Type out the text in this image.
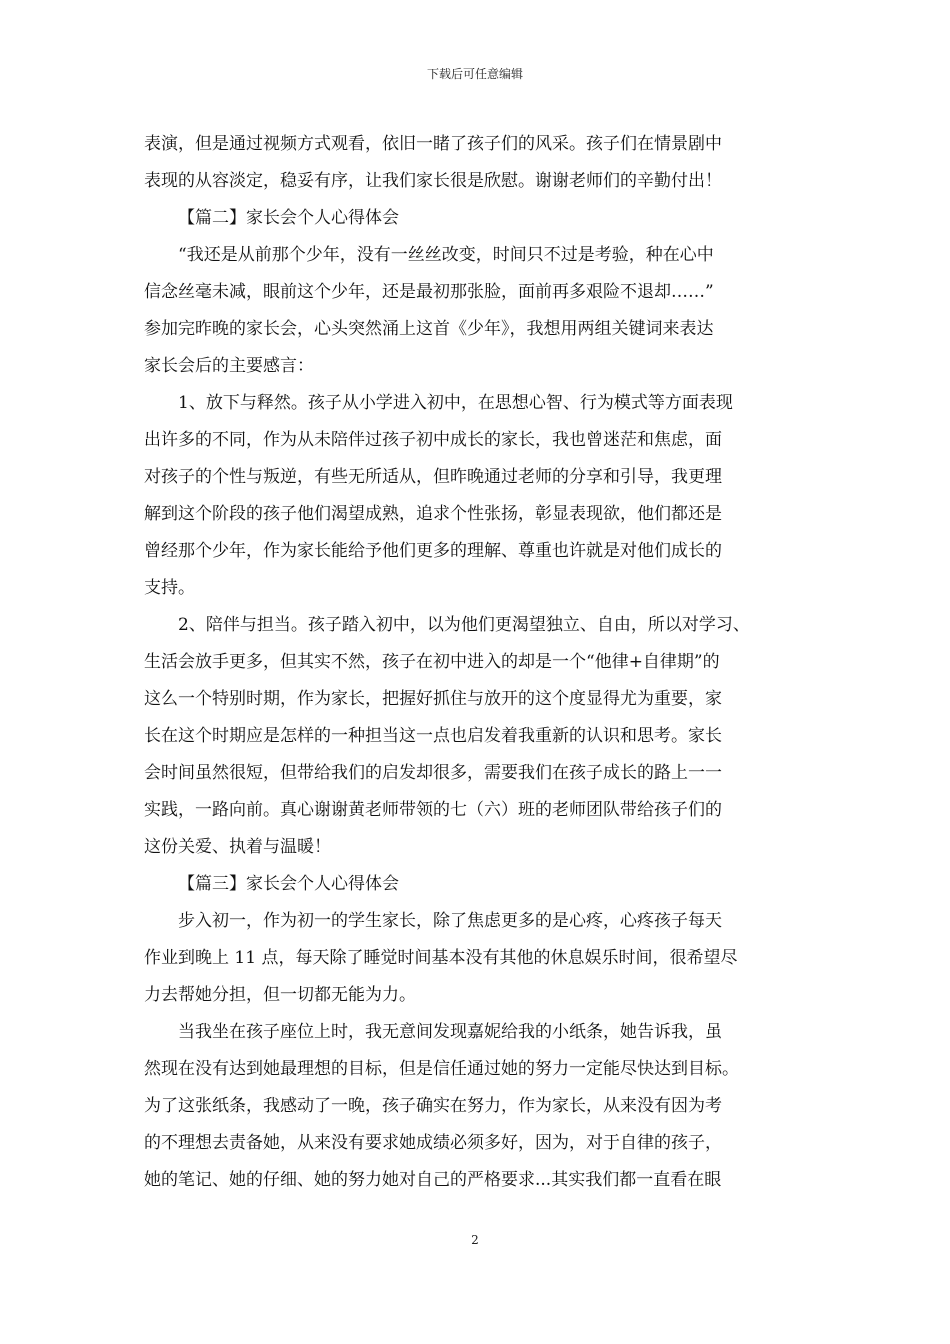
下载后可任意编辑
表演，但是通过视频方式观看，依旧一睹了孩子们的风采。孩子们在情景剧中
表现的从容淡定，稳妥有序，让我们家长很是欣慰。谢谢老师们的辛勤付出！
【篇二】家长会个人心得体会
“我还是从前那个少年，没有一丝丝改变，时间只不过是考验，种在心中
信念丝毫未减，眼前这个少年，还是最初那张脸，面前再多艰险不退却……”
参加完昨晚的家长会，心头突然涌上这首《少年》，我想用两组关键词来表达
家长会后的主要感言：
1、放下与释然。孩子从小学进入初中，在思想心智、行为模式等方面表现
出许多的不同，作为从未陪伴过孩子初中成长的家长，我也曾迷茫和焦虑，面
对孩子的个性与叛逆，有些无所适从，但昨晚通过老师的分享和引导，我更理
解到这个阶段的孩子他们渴望成熟，追求个性张扬，彰显表现欲，他们都还是
曾经那个少年，作为家长能给予他们更多的理解、尊重也许就是对他们成长的
支持。
2、陪伴与担当。孩子踏入初中，以为他们更渴望独立、自由，所以对学习、
生活会放手更多，但其实不然，孩子在初中进入的却是一个“他律+自律期”的
这么一个特别时期，作为家长，把握好抓住与放开的这个度显得尤为重要，家
长在这个时期应是怎样的一种担当这一点也启发着我重新的认识和思考。家长
会时间虽然很短，但带给我们的启发却很多，需要我们在孩子成长的路上一一
实践，一路向前。真心谢谢黄老师带领的七（六）班的老师团队带给孩子们的
这份关爱、执着与温暖！
【篇三】家长会个人心得体会
步入初一，作为初一的学生家长，除了焦虑更多的是心疼，心疼孩子每天
作业到晚上 11 点，每天除了睡觉时间基本没有其他的休息娱乐时间，很希望尽
力去帮她分担，但一切都无能为力。
当我坐在孩子座位上时，我无意间发现嘉妮给我的小纸条，她告诉我，虽
然现在没有达到她最理想的目标，但是信任通过她的努力一定能尽快达到目标。
为了这张纸条，我感动了一晚，孩子确实在努力，作为家长，从来没有因为考
的不理想去责备她，从来没有要求她成绩必须多好，因为，对于自律的孩子，
她的笔记、她的仔细、她的努力她对自己的严格要求...其实我们都一直看在眼
2
